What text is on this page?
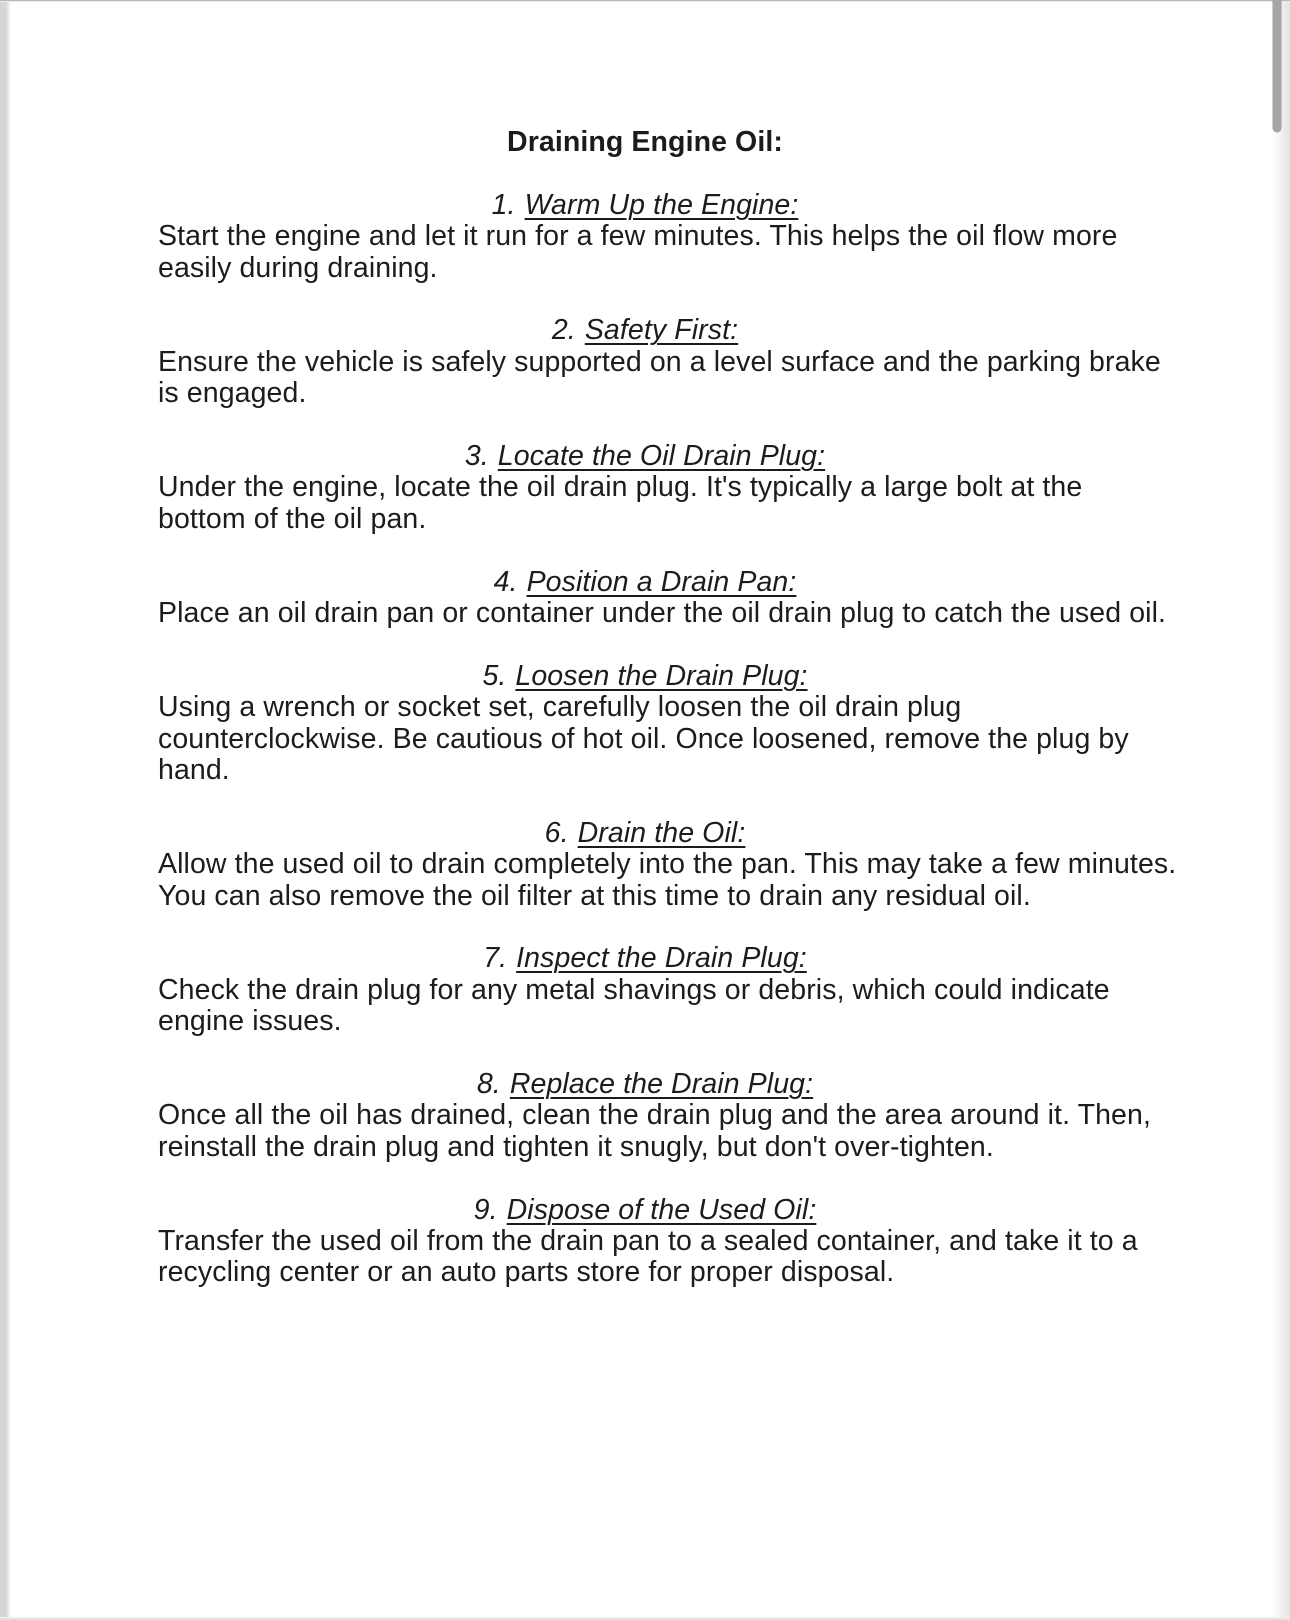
Draining Engine Oil:
1. Warm Up the Engine:
Start the engine and let it run for a few minutes. This helps the oil flow more
easily during draining.
2. Safety First:
Ensure the vehicle is safely supported on a level surface and the parking brake
is engaged.
3. Locate the Oil Drain Plug:
Under the engine, locate the oil drain plug. It's typically a large bolt at the
bottom of the oil pan.
4. Position a Drain Pan:
Place an oil drain pan or container under the oil drain plug to catch the used oil.
5. Loosen the Drain Plug:
Using a wrench or socket set, carefully loosen the oil drain plug
counterclockwise. Be cautious of hot oil. Once loosened, remove the plug by
hand.
6. Drain the Oil:
Allow the used oil to drain completely into the pan. This may take a few minutes.
You can also remove the oil filter at this time to drain any residual oil.
7. Inspect the Drain Plug:
Check the drain plug for any metal shavings or debris, which could indicate
engine issues.
8. Replace the Drain Plug:
Once all the oil has drained, clean the drain plug and the area around it. Then,
reinstall the drain plug and tighten it snugly, but don't over-tighten.
9. Dispose of the Used Oil:
Transfer the used oil from the drain pan to a sealed container, and take it to a
recycling center or an auto parts store for proper disposal.
